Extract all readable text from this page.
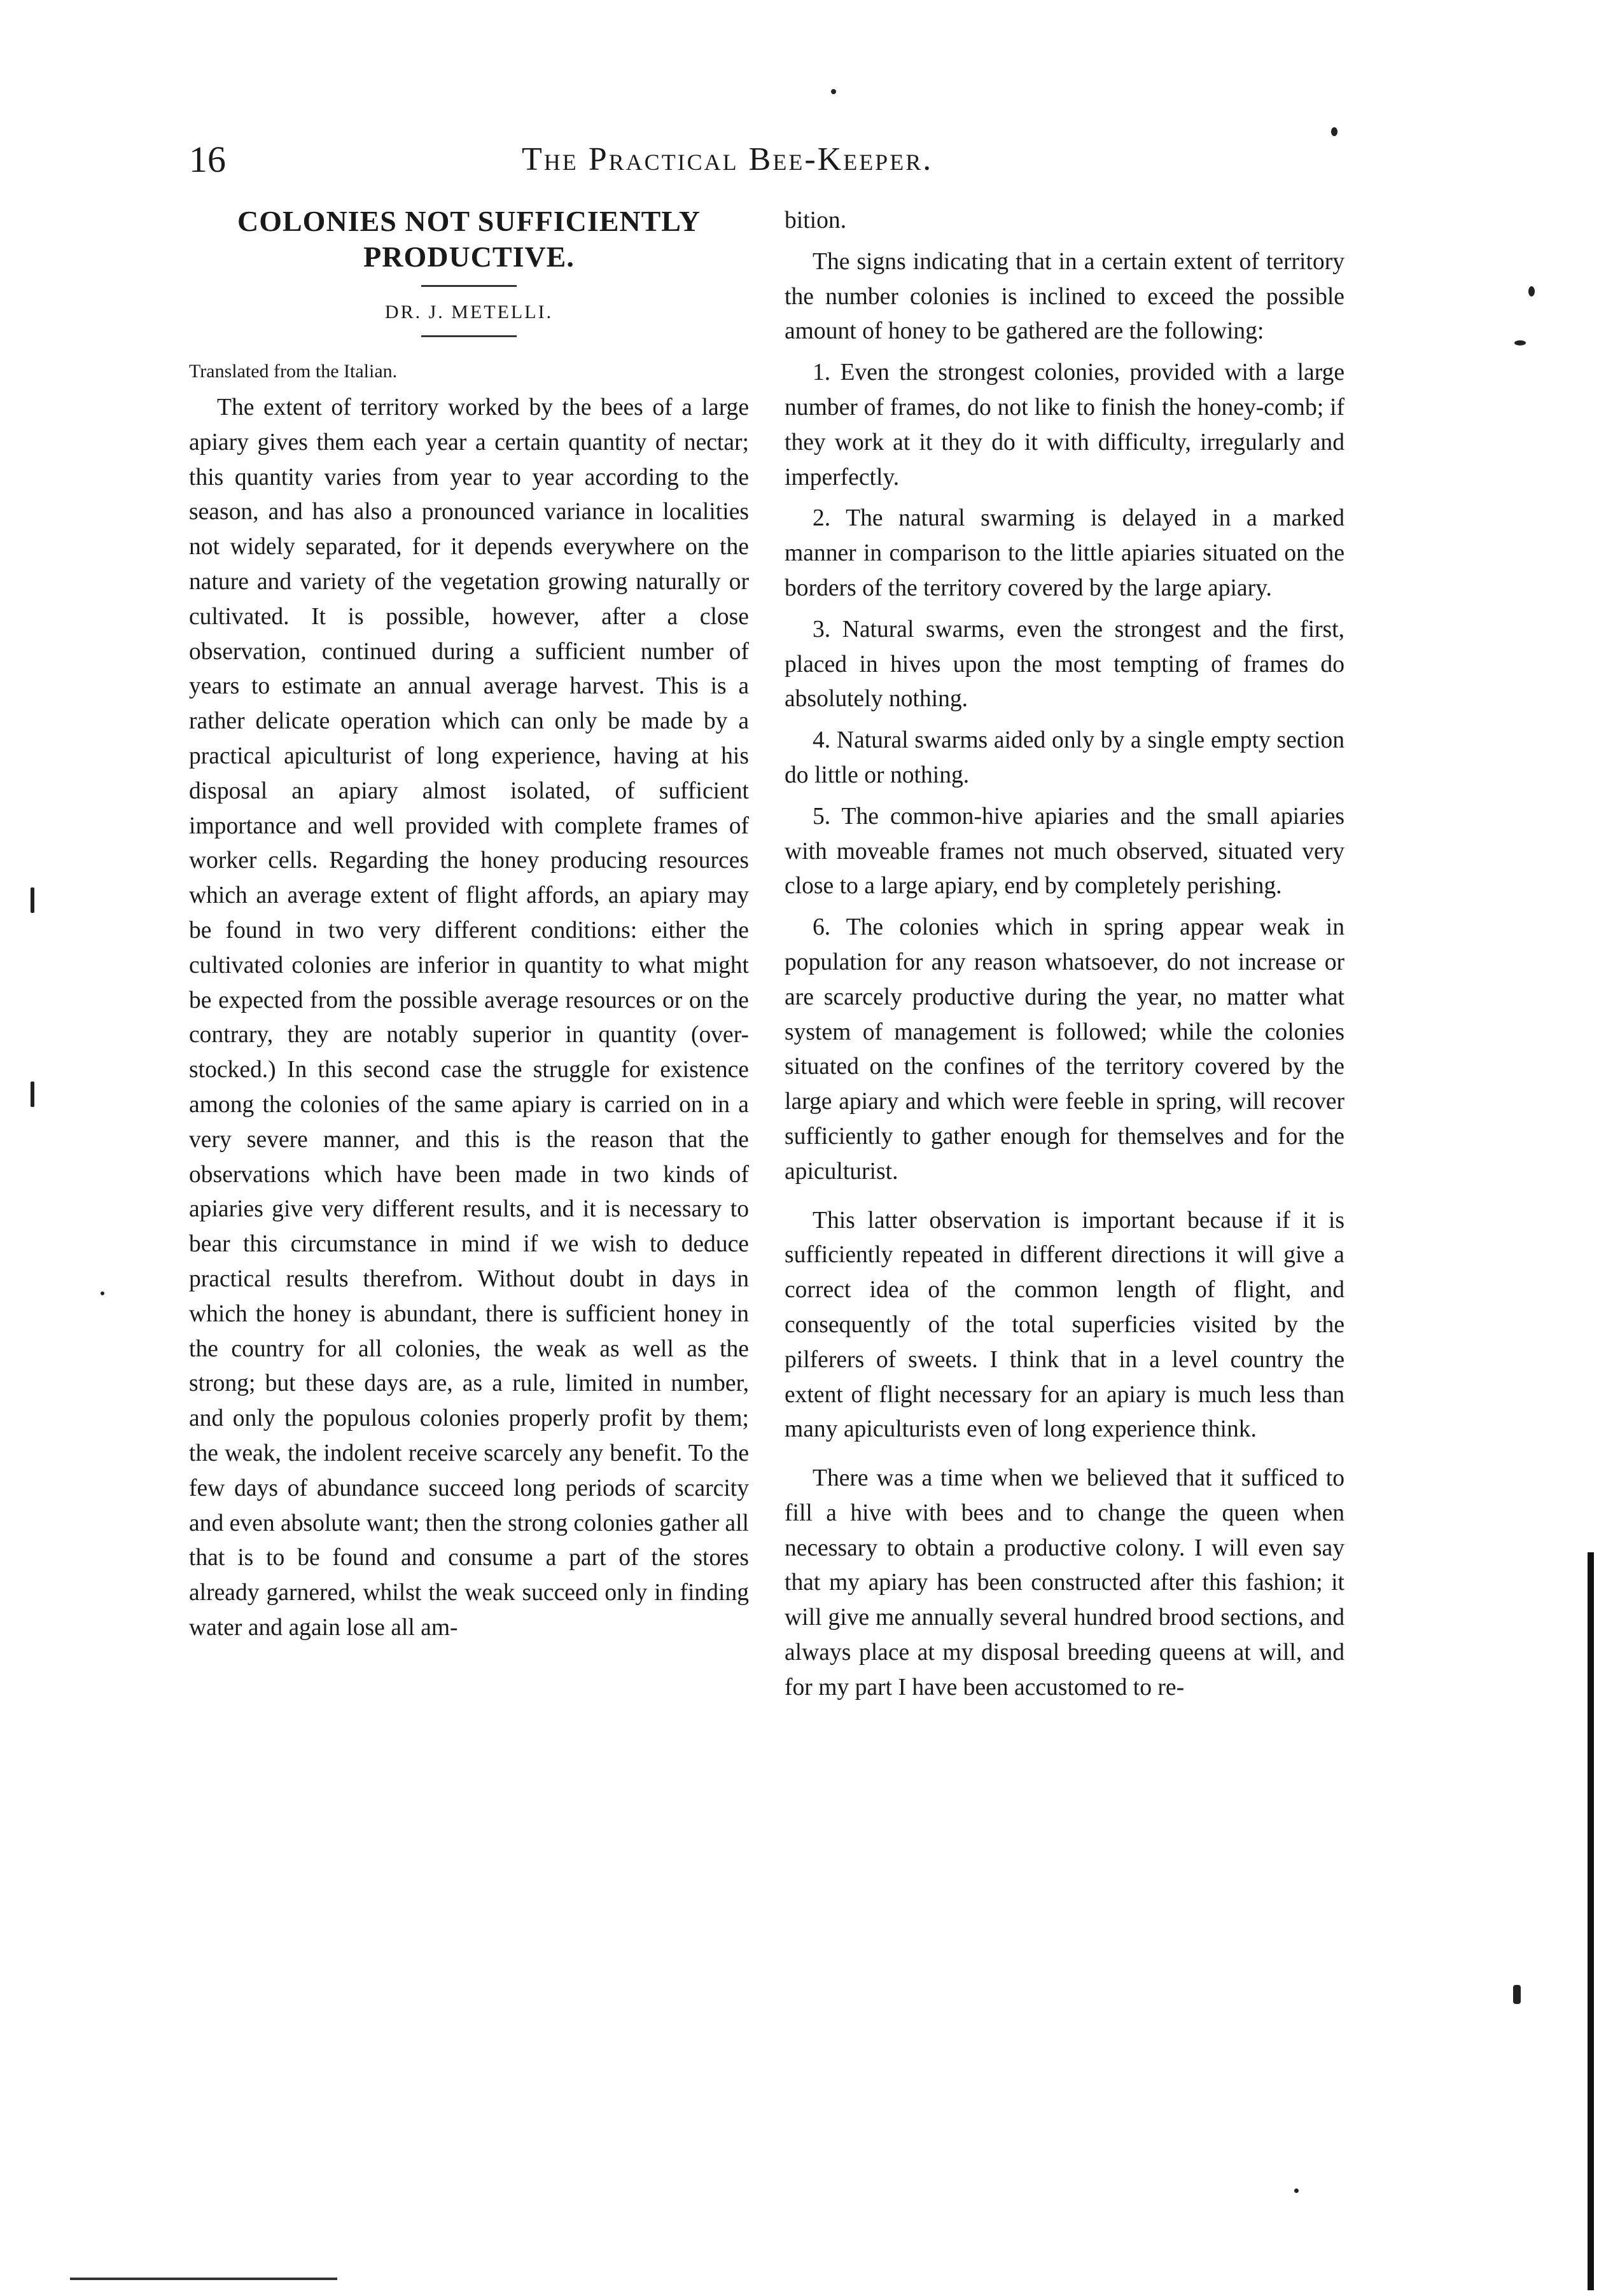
16	The Practical Bee-Keeper.
COLONIES NOT SUFFICIENTLY
PRODUCTIVE.

DR. J. METELLI.

Translated from the Italian.

The extent of territory worked by the bees of a large apiary gives them each year a certain quantity of nectar; this quantity varies from year to year according to the season, and has also a pronounced variance in localities not widely separated, for it depends everywhere on the nature and variety of the vegetation growing naturally or cultivated. It is possible, however, after a close observation, continued during a sufficient number of years to estimate an annual average harvest. This is a rather delicate operation which can only be made by a practical apiculturist of long experience, having at his disposal an apiary almost isolated, of sufficient importance and well provided with complete frames of worker cells. Regarding the honey producing resources which an average extent of flight affords, an apiary may be found in two very different conditions: either the cultivated colonies are inferior in quantity to what might be expected from the possible average resources or on the contrary, they are notably superior in quantity (over-stocked.) In this second case the struggle for existence among the colonies of the same apiary is carried on in a very severe manner, and this is the reason that the observations which have been made in two kinds of apiaries give very different results, and it is necessary to bear this circumstance in mind if we wish to deduce practical results therefrom. Without doubt in days in which the honey is abundant, there is sufficient honey in the country for all colonies, the weak as well as the strong; but these days are, as a rule, limited in number, and only the populous colonies properly profit by them; the weak, the indolent receive scarcely any benefit. To the few days of abundance succeed long periods of scarcity and even absolute want; then the strong colonies gather all that is to be found and consume a part of the stores already garnered, whilst the weak succeed only in finding water and again lose all am-

bition.

The signs indicating that in a certain extent of territory the number colonies is inclined to exceed the possible amount of honey to be gathered are the following:

1. Even the strongest colonies, provided with a large number of frames, do not like to finish the honey-comb; if they work at it they do it with difficulty, irregularly and imperfectly.

2. The natural swarming is delayed in a marked manner in comparison to the little apiaries situated on the borders of the territory covered by the large apiary.

3. Natural swarms, even the strongest and the first, placed in hives upon the most tempting of frames do absolutely nothing.

4. Natural swarms aided only by a single empty section do little or nothing.

5. The common-hive apiaries and the small apiaries with moveable frames not much observed, situated very close to a large apiary, end by completely perishing.

6. The colonies which in spring appear weak in population for any reason whatsoever, do not increase or are scarcely productive during the year, no matter what system of management is followed; while the colonies situated on the confines of the territory covered by the large apiary and which were feeble in spring, will recover sufficiently to gather enough for themselves and for the apiculturist.

This latter observation is important because if it is sufficiently repeated in different directions it will give a correct idea of the common length of flight, and consequently of the total superficies visited by the pilferers of sweets. I think that in a level country the extent of flight necessary for an apiary is much less than many apiculturists even of long experience think.

There was a time when we believed that it sufficed to fill a hive with bees and to change the queen when necessary to obtain a productive colony. I will even say that my apiary has been constructed after this fashion; it will give me annually several hundred brood sections, and always place at my disposal breeding queens at will, and for my part I have been accustomed to re-
